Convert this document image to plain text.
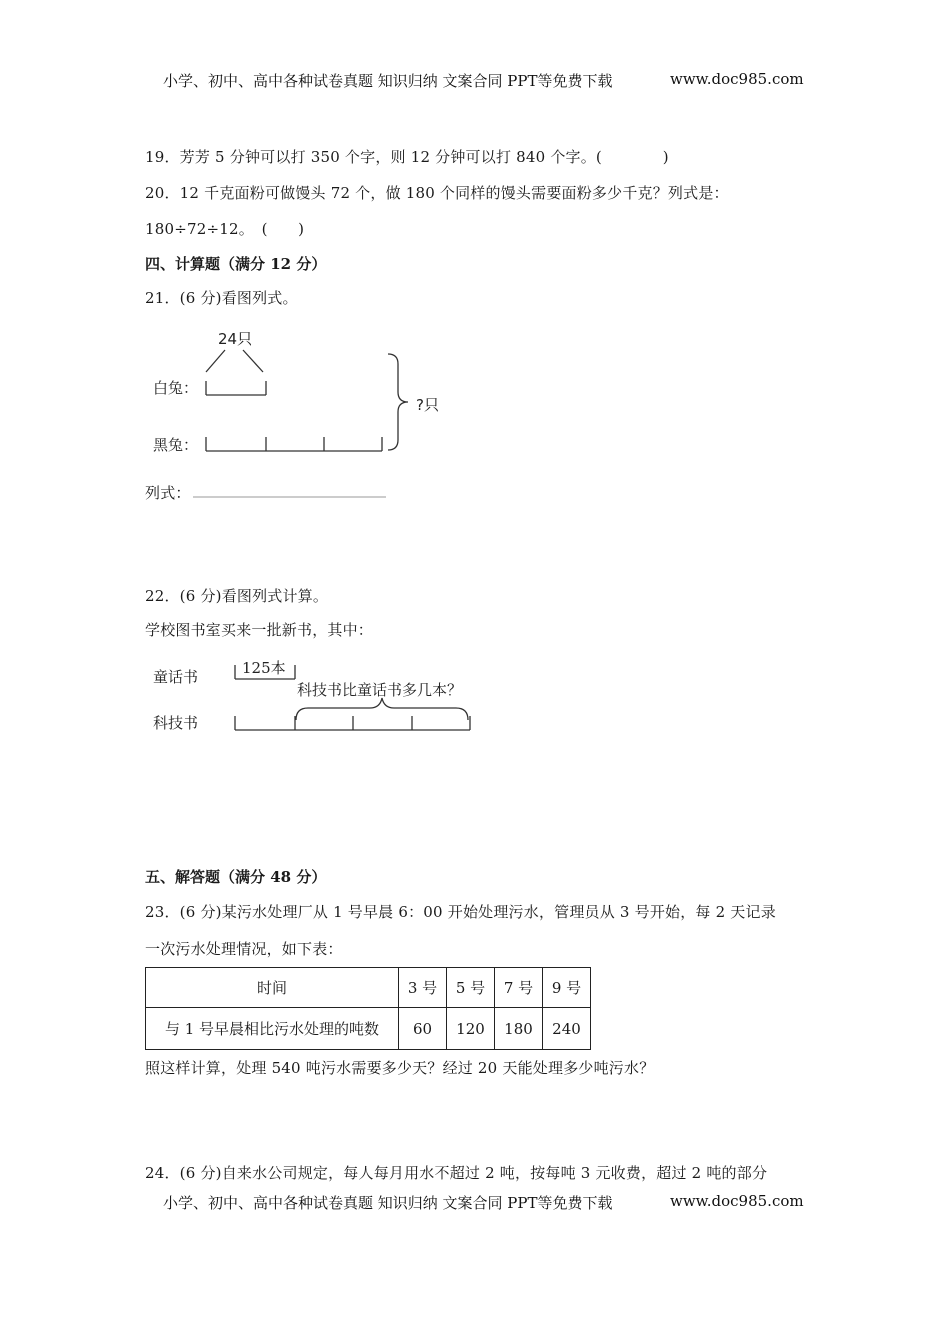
小学、初中、高中各种试卷真题 知识归纳 文案合同 PPT等免费下载	www.doc985.com
19．芳芳 5 分钟可以打 350 个字，则 12 分钟可以打 840 个字。(　　　　)
20．12 千克面粉可做馒头 72 个，做 180 个同样的馒头需要面粉多少千克？列式是：
180÷72÷12。　(　　)
四、计算题（满分 12 分）
21．(6 分)看图列式。
24只
白兔：
黑兔：
?只
列式：
22．(6 分)看图列式计算。
学校图书室买来一批新书，其中：
童话书	125本
科技书比童话书多几本？
科技书
五、解答题（满分 48 分）
23．(6 分)某污水处理厂从 1 号早晨 6：00 开始处理污水，管理员从 3 号开始，每 2 天记录
一次污水处理情况，如下表：
时间	3 号	5 号	7 号	9 号
与 1 号早晨相比污水处理的吨数	60	120	180	240
照这样计算，处理 540 吨污水需要多少天？经过 20 天能处理多少吨污水？
24．(6 分)自来水公司规定，每人每月用水不超过 2 吨，按每吨 3 元收费，超过 2 吨的部分
小学、初中、高中各种试卷真题 知识归纳 文案合同 PPT等免费下载	www.doc985.com
